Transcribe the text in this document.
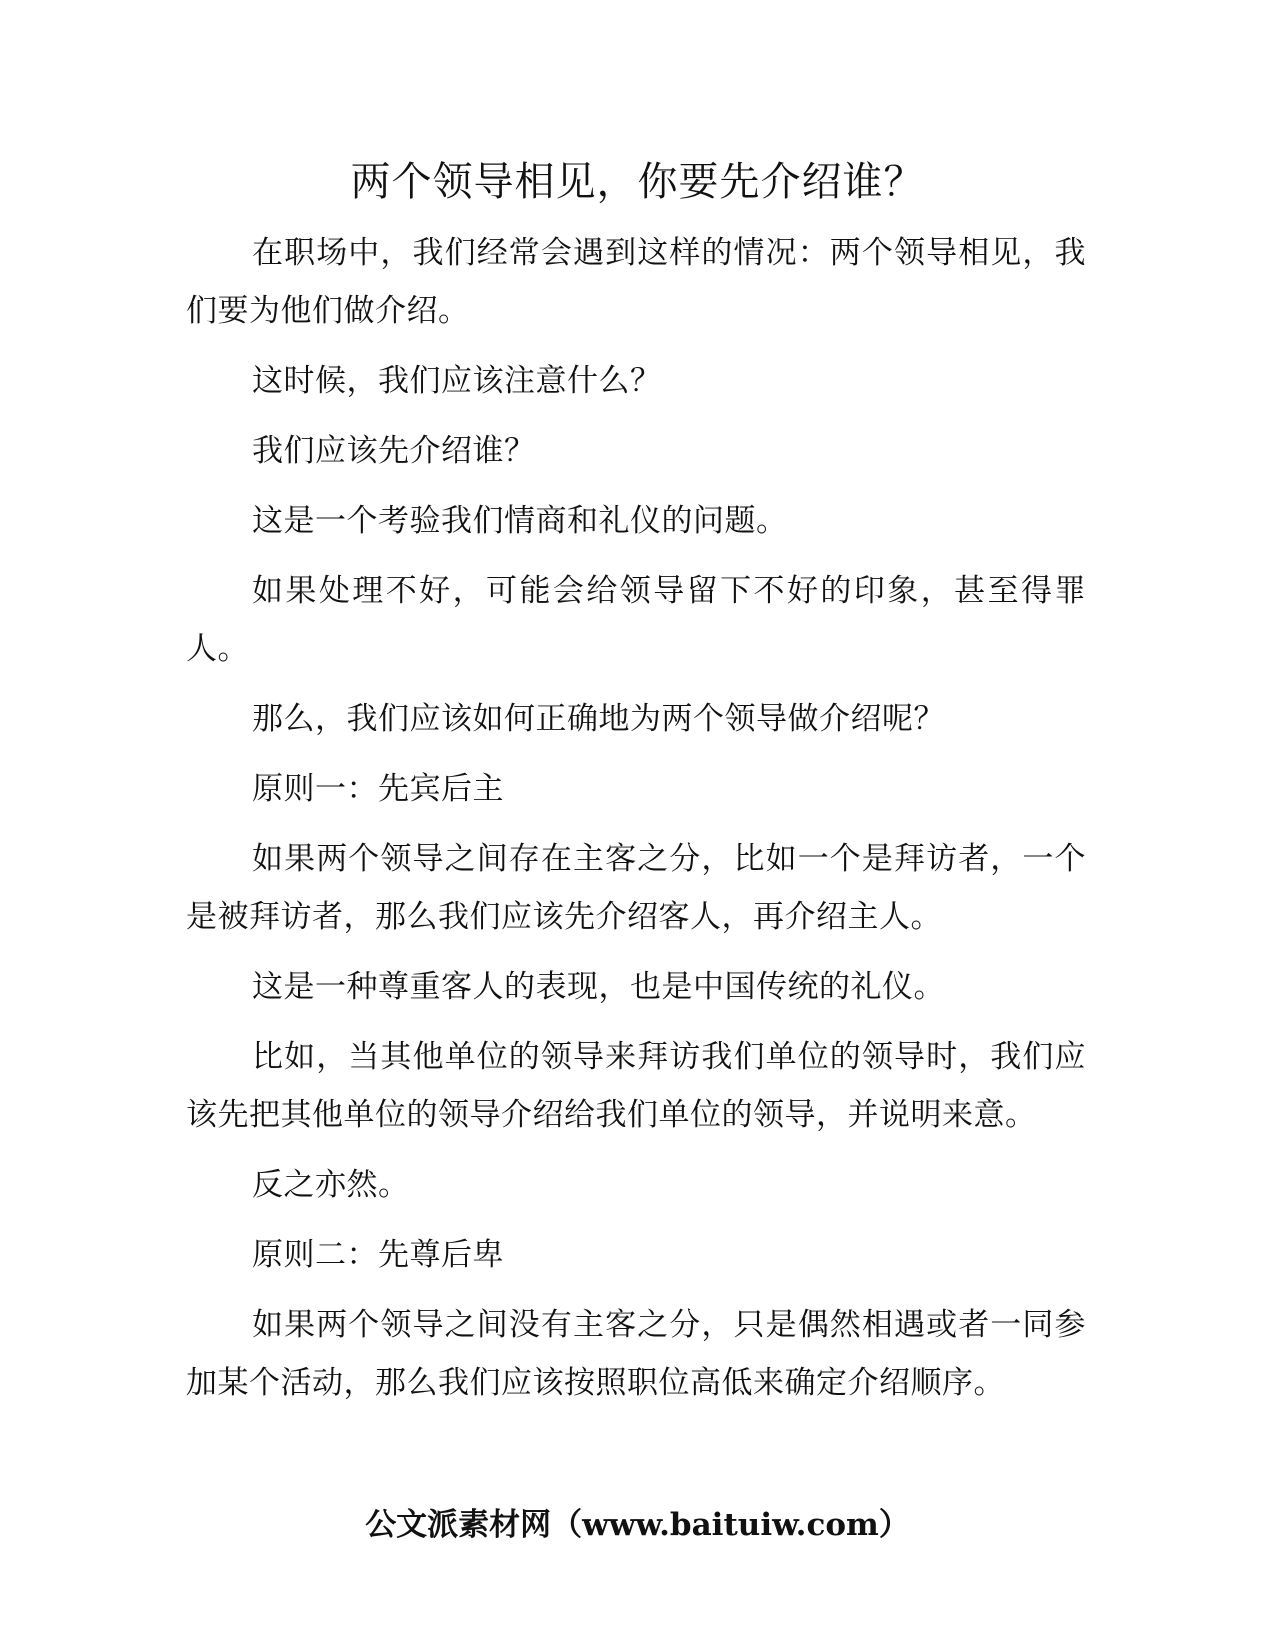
两个领导相见，你要先介绍谁？

在职场中，我们经常会遇到这样的情况：两个领导相见，我们要为他们做介绍。

这时候，我们应该注意什么？

我们应该先介绍谁？

这是一个考验我们情商和礼仪的问题。

如果处理不好，可能会给领导留下不好的印象，甚至得罪人。

那么，我们应该如何正确地为两个领导做介绍呢？

原则一：先宾后主

如果两个领导之间存在主客之分，比如一个是拜访者，一个是被拜访者，那么我们应该先介绍客人，再介绍主人。

这是一种尊重客人的表现，也是中国传统的礼仪。

比如，当其他单位的领导来拜访我们单位的领导时，我们应该先把其他单位的领导介绍给我们单位的领导，并说明来意。

反之亦然。

原则二：先尊后卑

如果两个领导之间没有主客之分，只是偶然相遇或者一同参加某个活动，那么我们应该按照职位高低来确定介绍顺序。

公文派素材网（www.baituiw.com）
